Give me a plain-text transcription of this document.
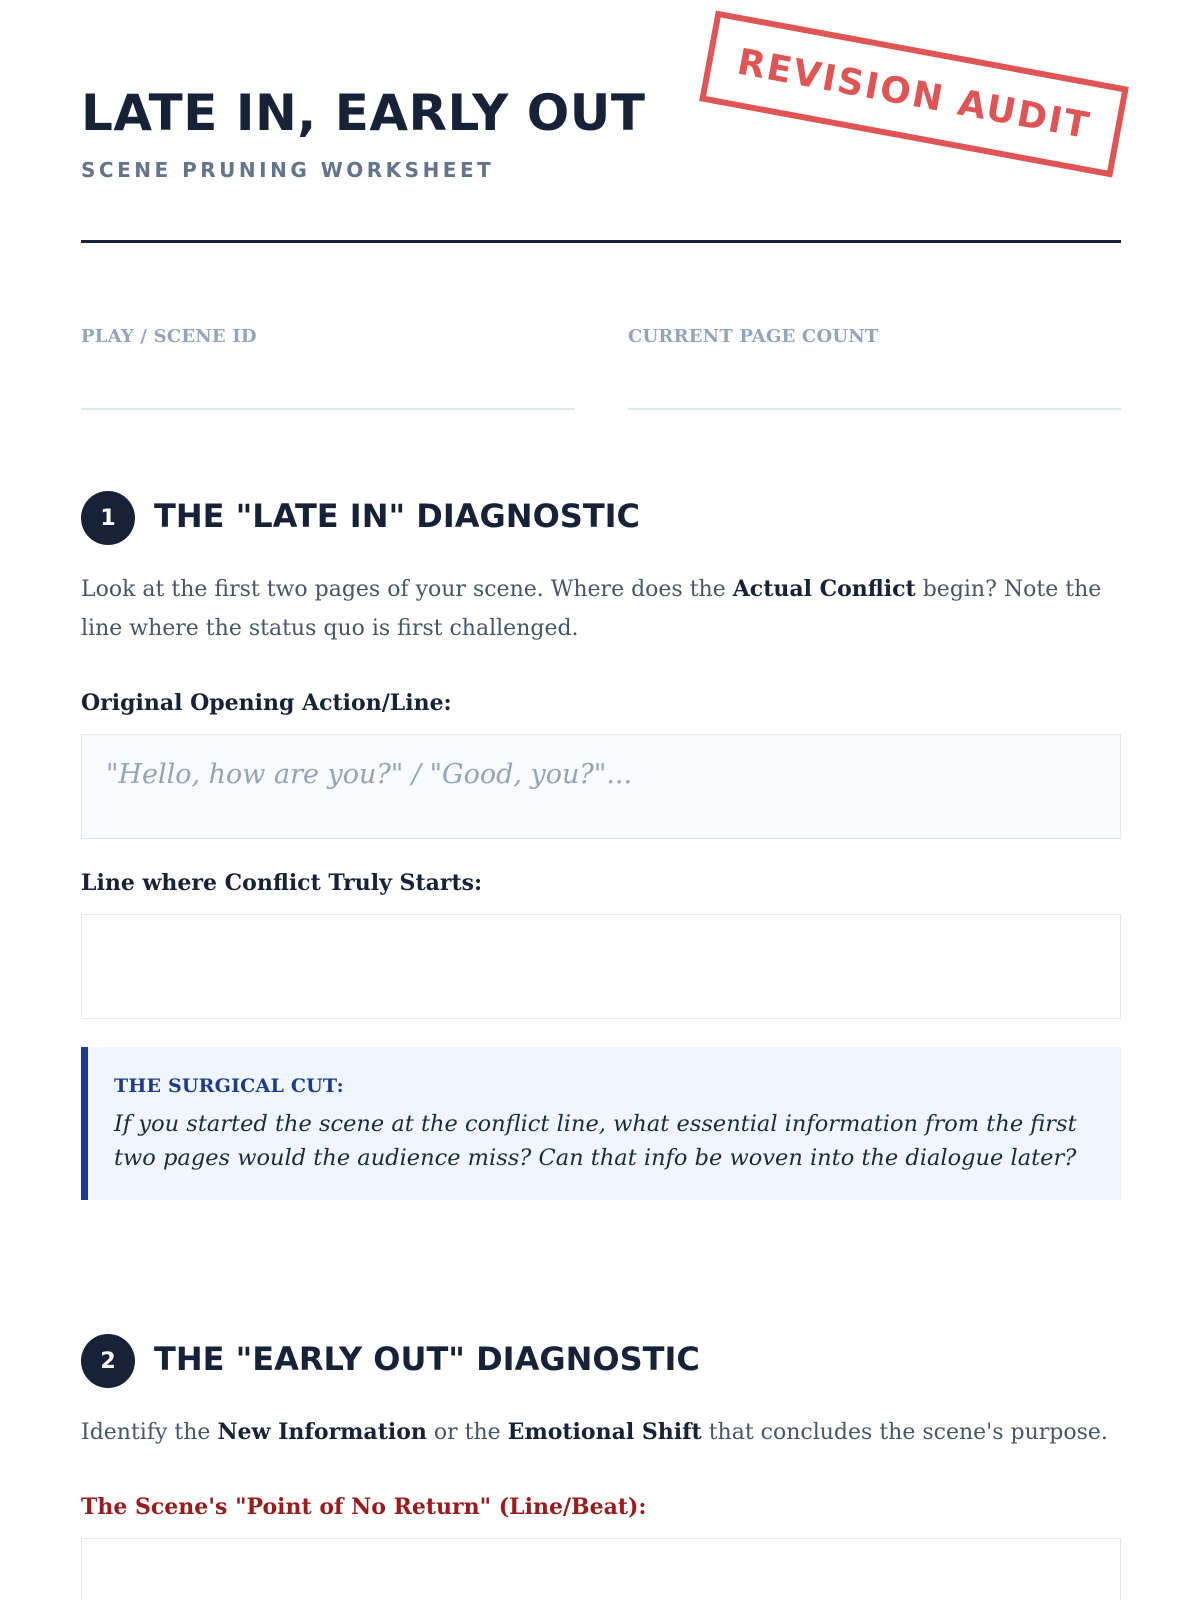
LATE IN, EARLY OUT
SCENE PRUNING WORKSHEET
REVISION AUDIT
PLAY / SCENE ID	CURRENT PAGE COUNT
1	THE "LATE IN" DIAGNOSTIC
Look at the first two pages of your scene. Where does the Actual Conflict begin? Note the line where the status quo is first challenged.
Original Opening Action/Line:
"Hello, how are you?" / "Good, you?"...
Line where Conflict Truly Starts:
THE SURGICAL CUT:
If you started the scene at the conflict line, what essential information from the first two pages would the audience miss? Can that info be woven into the dialogue later?
2	THE "EARLY OUT" DIAGNOSTIC
Identify the New Information or the Emotional Shift that concludes the scene's purpose.
The Scene's "Point of No Return" (Line/Beat):
